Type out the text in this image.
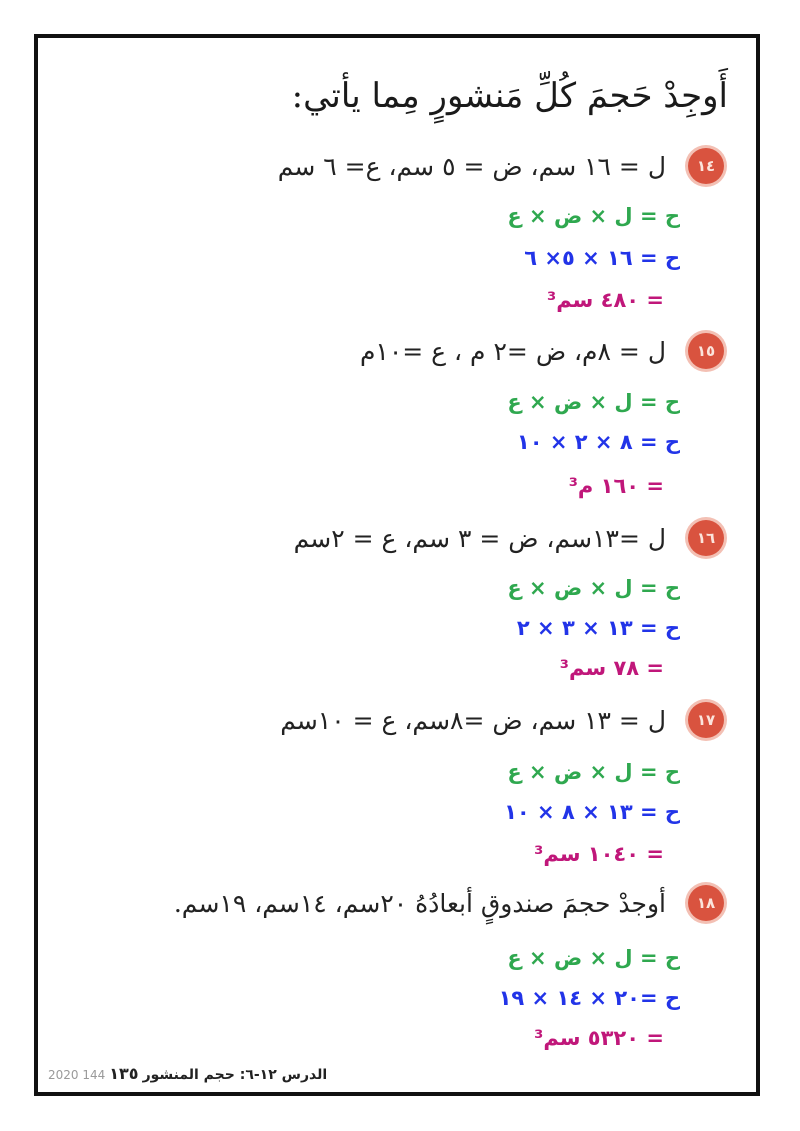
أَوجِدْ حَجمَ كُلِّ مَنشورٍ مِما يأتي:
١٤
ل = ١٦ سم، ض = ٥ سم، ع= ٦ سم
ح = ل × ض × ع
ح = ١٦ × ٥× ٦
= ٤٨٠ سم³
١٥
ل = ٨م، ض =٢ م ، ع =١٠م
ح = ل × ض × ع
ح = ٨ × ٢ × ١٠
= ١٦٠ م³
١٦
ل =١٣سم، ض = ٣ سم، ع = ٢سم
ح = ل × ض × ع
ح = ١٣ × ٣ × ٢
= ٧٨ سم³
١٧
ل = ١٣ سم، ض =٨سم، ع = ١٠سم
ح = ل × ض × ع
ح = ١٣ × ٨ × ١٠
= ١٠٤٠ سم³
١٨
أوجدْ حجمَ صندوقٍ أبعادُهُ ٢٠سم، ١٤سم، ١٩سم.
ح = ل × ض × ع
ح =٢٠ × ١٤ × ١٩
= ٥٣٢٠ سم³
2020 144 ١٣٥ الدرس ١٢-٦: حجم المنشور
